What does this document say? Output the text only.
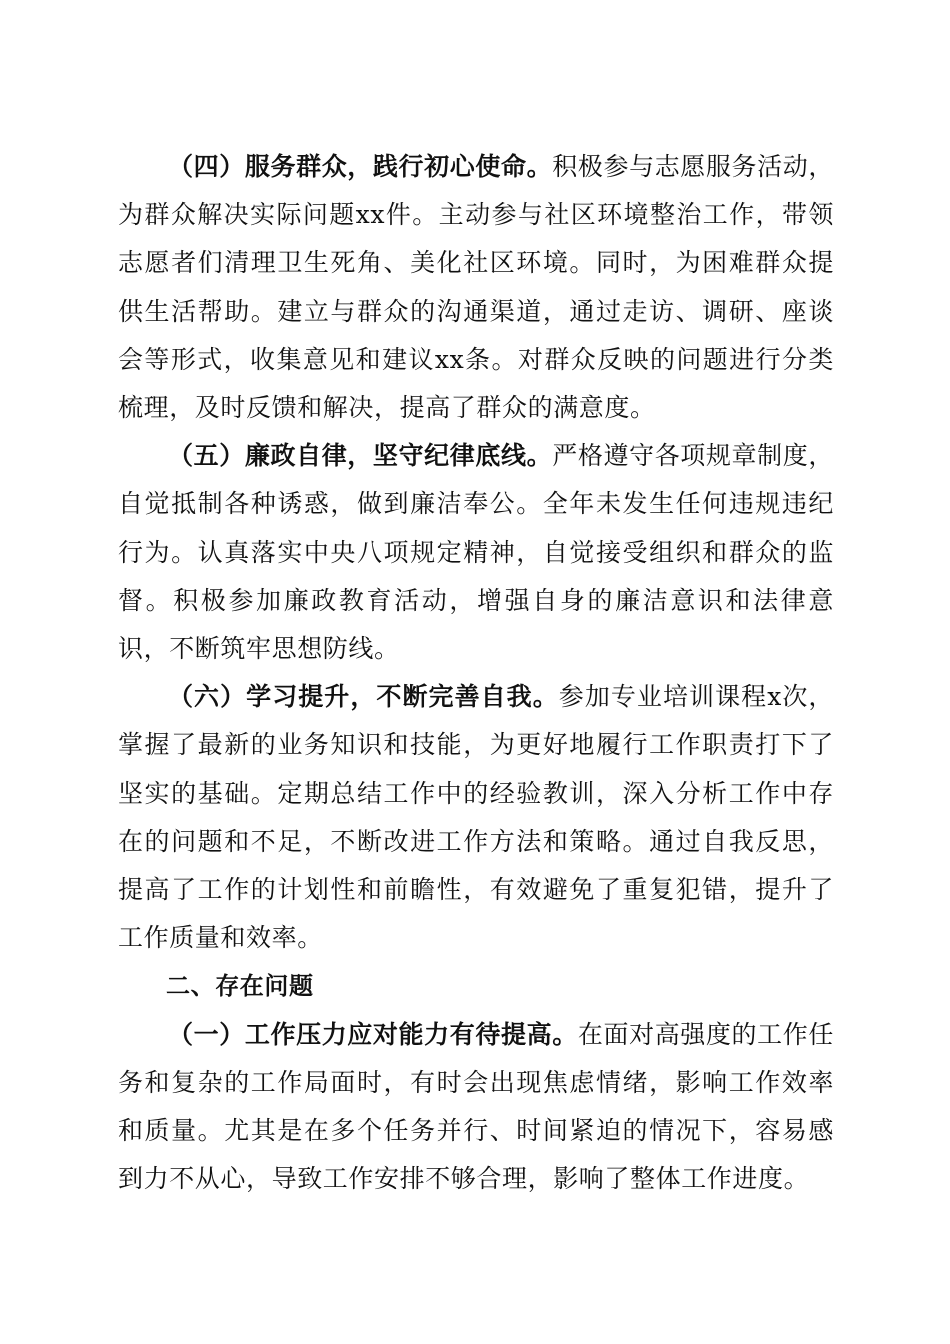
（四）服务群众，践行初心使命。积极参与志愿服务活动，为群众解决实际问题xx件。主动参与社区环境整治工作，带领志愿者们清理卫生死角、美化社区环境。同时，为困难群众提供生活帮助。建立与群众的沟通渠道，通过走访、调研、座谈会等形式，收集意见和建议xx条。对群众反映的问题进行分类梳理，及时反馈和解决，提高了群众的满意度。

（五）廉政自律，坚守纪律底线。严格遵守各项规章制度，自觉抵制各种诱惑，做到廉洁奉公。全年未发生任何违规违纪行为。认真落实中央八项规定精神，自觉接受组织和群众的监督。积极参加廉政教育活动，增强自身的廉洁意识和法律意识，不断筑牢思想防线。

（六）学习提升，不断完善自我。参加专业培训课程x次，掌握了最新的业务知识和技能，为更好地履行工作职责打下了坚实的基础。定期总结工作中的经验教训，深入分析工作中存在的问题和不足，不断改进工作方法和策略。通过自我反思，提高了工作的计划性和前瞻性，有效避免了重复犯错，提升了工作质量和效率。

二、存在问题

（一）工作压力应对能力有待提高。在面对高强度的工作任务和复杂的工作局面时，有时会出现焦虑情绪，影响工作效率和质量。尤其是在多个任务并行、时间紧迫的情况下，容易感到力不从心，导致工作安排不够合理，影响了整体工作进度。
